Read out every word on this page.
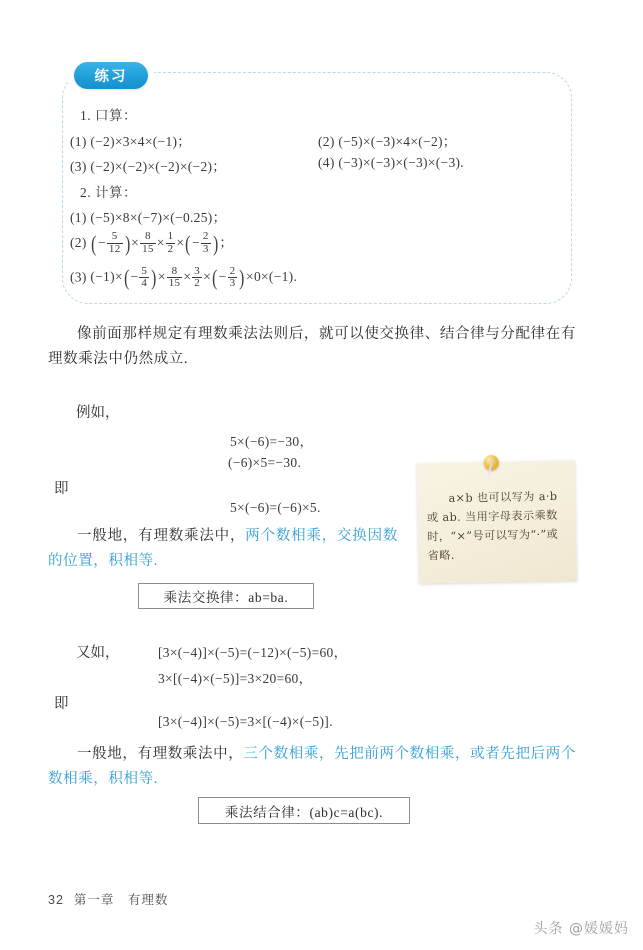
练习
1. 口算：
(1) (−2)×3×4×(−1)；	(2) (−5)×(−3)×4×(−2)；
(3) (−2)×(−2)×(−2)×(−2)；	(4) (−3)×(−3)×(−3)×(−3).
2. 计算：
(1) (−5)×8×(−7)×(−0.25)；
(2) (− $\frac{5}{12}$ )× $\frac{8}{15} \times \frac{1}{2}$ ×(− $\frac{2}{3}$ )；
(3) $(-1)\times(- \frac{5}{4}$ )× $\frac{8}{15} \times \frac{3}{2}$ ×(− $\frac{2}{3} )\times 0\times(-1)$.
像前面那样规定有理数乘法法则后，就可以使交换律、结合律与分配律在有理数乘法中仍然成立.
例如，
5×(−6)=−30，
(−6)×5=−30.
即
5×(−6)=(−6)×5.
a×b 也可以写为 a·b 或 ab. 当用字母表示乘数时，“×”号可以写为“·”或省略.
一般地，有理数乘法中，两个数相乘，交换因数的位置，积相等.
乘法交换律：ab=ba.
又如，	[3×(−4)]×(−5)=(−12)×(−5)=60，
3×[(−4)×(−5)]=3×20=60，
即
[3×(−4)]×(−5)=3×[(−4)×(−5)].
一般地，有理数乘法中，三个数相乘，先把前两个数相乘，或者先把后两个数相乘，积相等.
乘法结合律：(ab)c=a(bc).
32 第一章　有理数
头条 @媛媛妈
